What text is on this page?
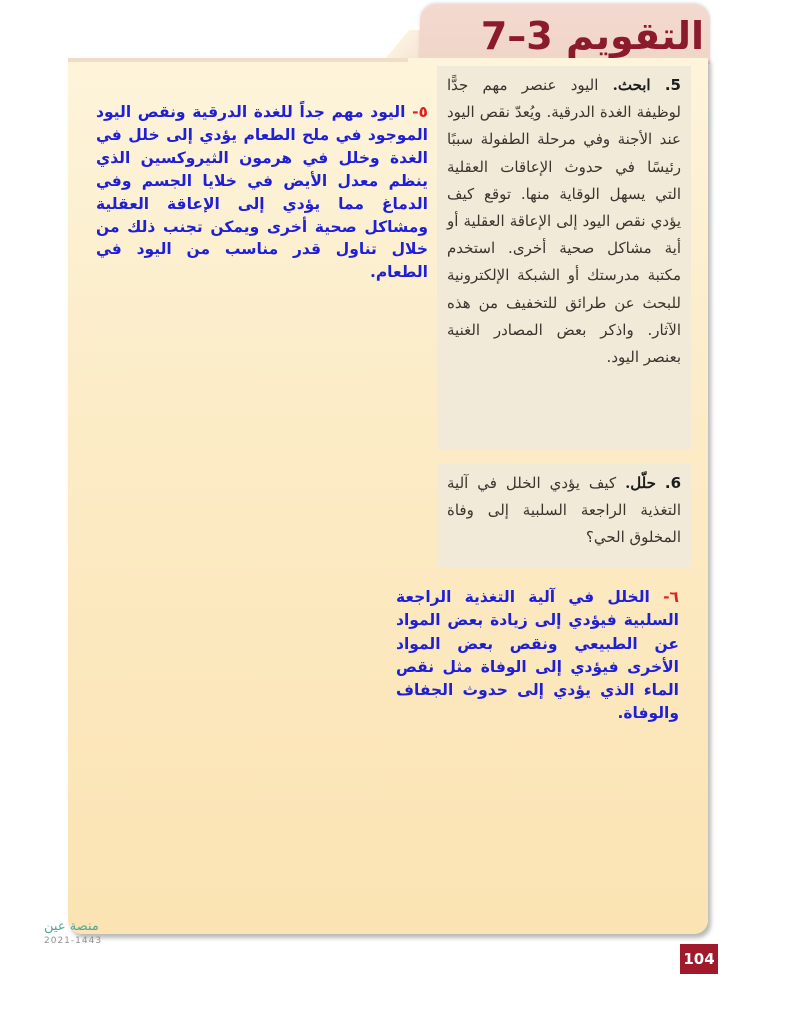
التقويم 3–7

5. ابحث. اليود عنصر مهم جدًّا لوظيفة الغدة الدرقية. ويُعدّ نقص اليود عند الأجنة وفي مرحلة الطفولة سببًا رئيسًا في حدوث الإعاقات العقلية التي يسهل الوقاية منها. توقع كيف يؤدي نقص اليود إلى الإعاقة العقلية أو أية مشاكل صحية أخرى. استخدم مكتبة مدرستك أو الشبكة الإلكترونية للبحث عن طرائق للتخفيف من هذه الآثار. واذكر بعض المصادر الغنية بعنصر اليود.

6. حلّل. كيف يؤدي الخلل في آلية التغذية الراجعة السلبية إلى وفاة المخلوق الحي؟

٥- اليود مهم جداً للغدة الدرقية ونقص اليود الموجود في ملح الطعام يؤدي إلى خلل في الغدة وخلل في هرمون الثيروكسين الذي ينظم معدل الأيض في خلايا الجسم وفي الدماغ مما يؤدي إلى الإعاقة العقلية ومشاكل صحية أخرى ويمكن تجنب ذلك من خلال تناول قدر مناسب من اليود في الطعام.

٦- الخلل في آلية التغذية الراجعة السلبية فيؤدي إلى زيادة بعض المواد عن الطبيعي ونقص بعض المواد الأخرى فيؤدي إلى الوفاة مثل نقص الماء الذي يؤدي إلى حدوث الجفاف والوفاة.

منصة عين
2021-1443
104
